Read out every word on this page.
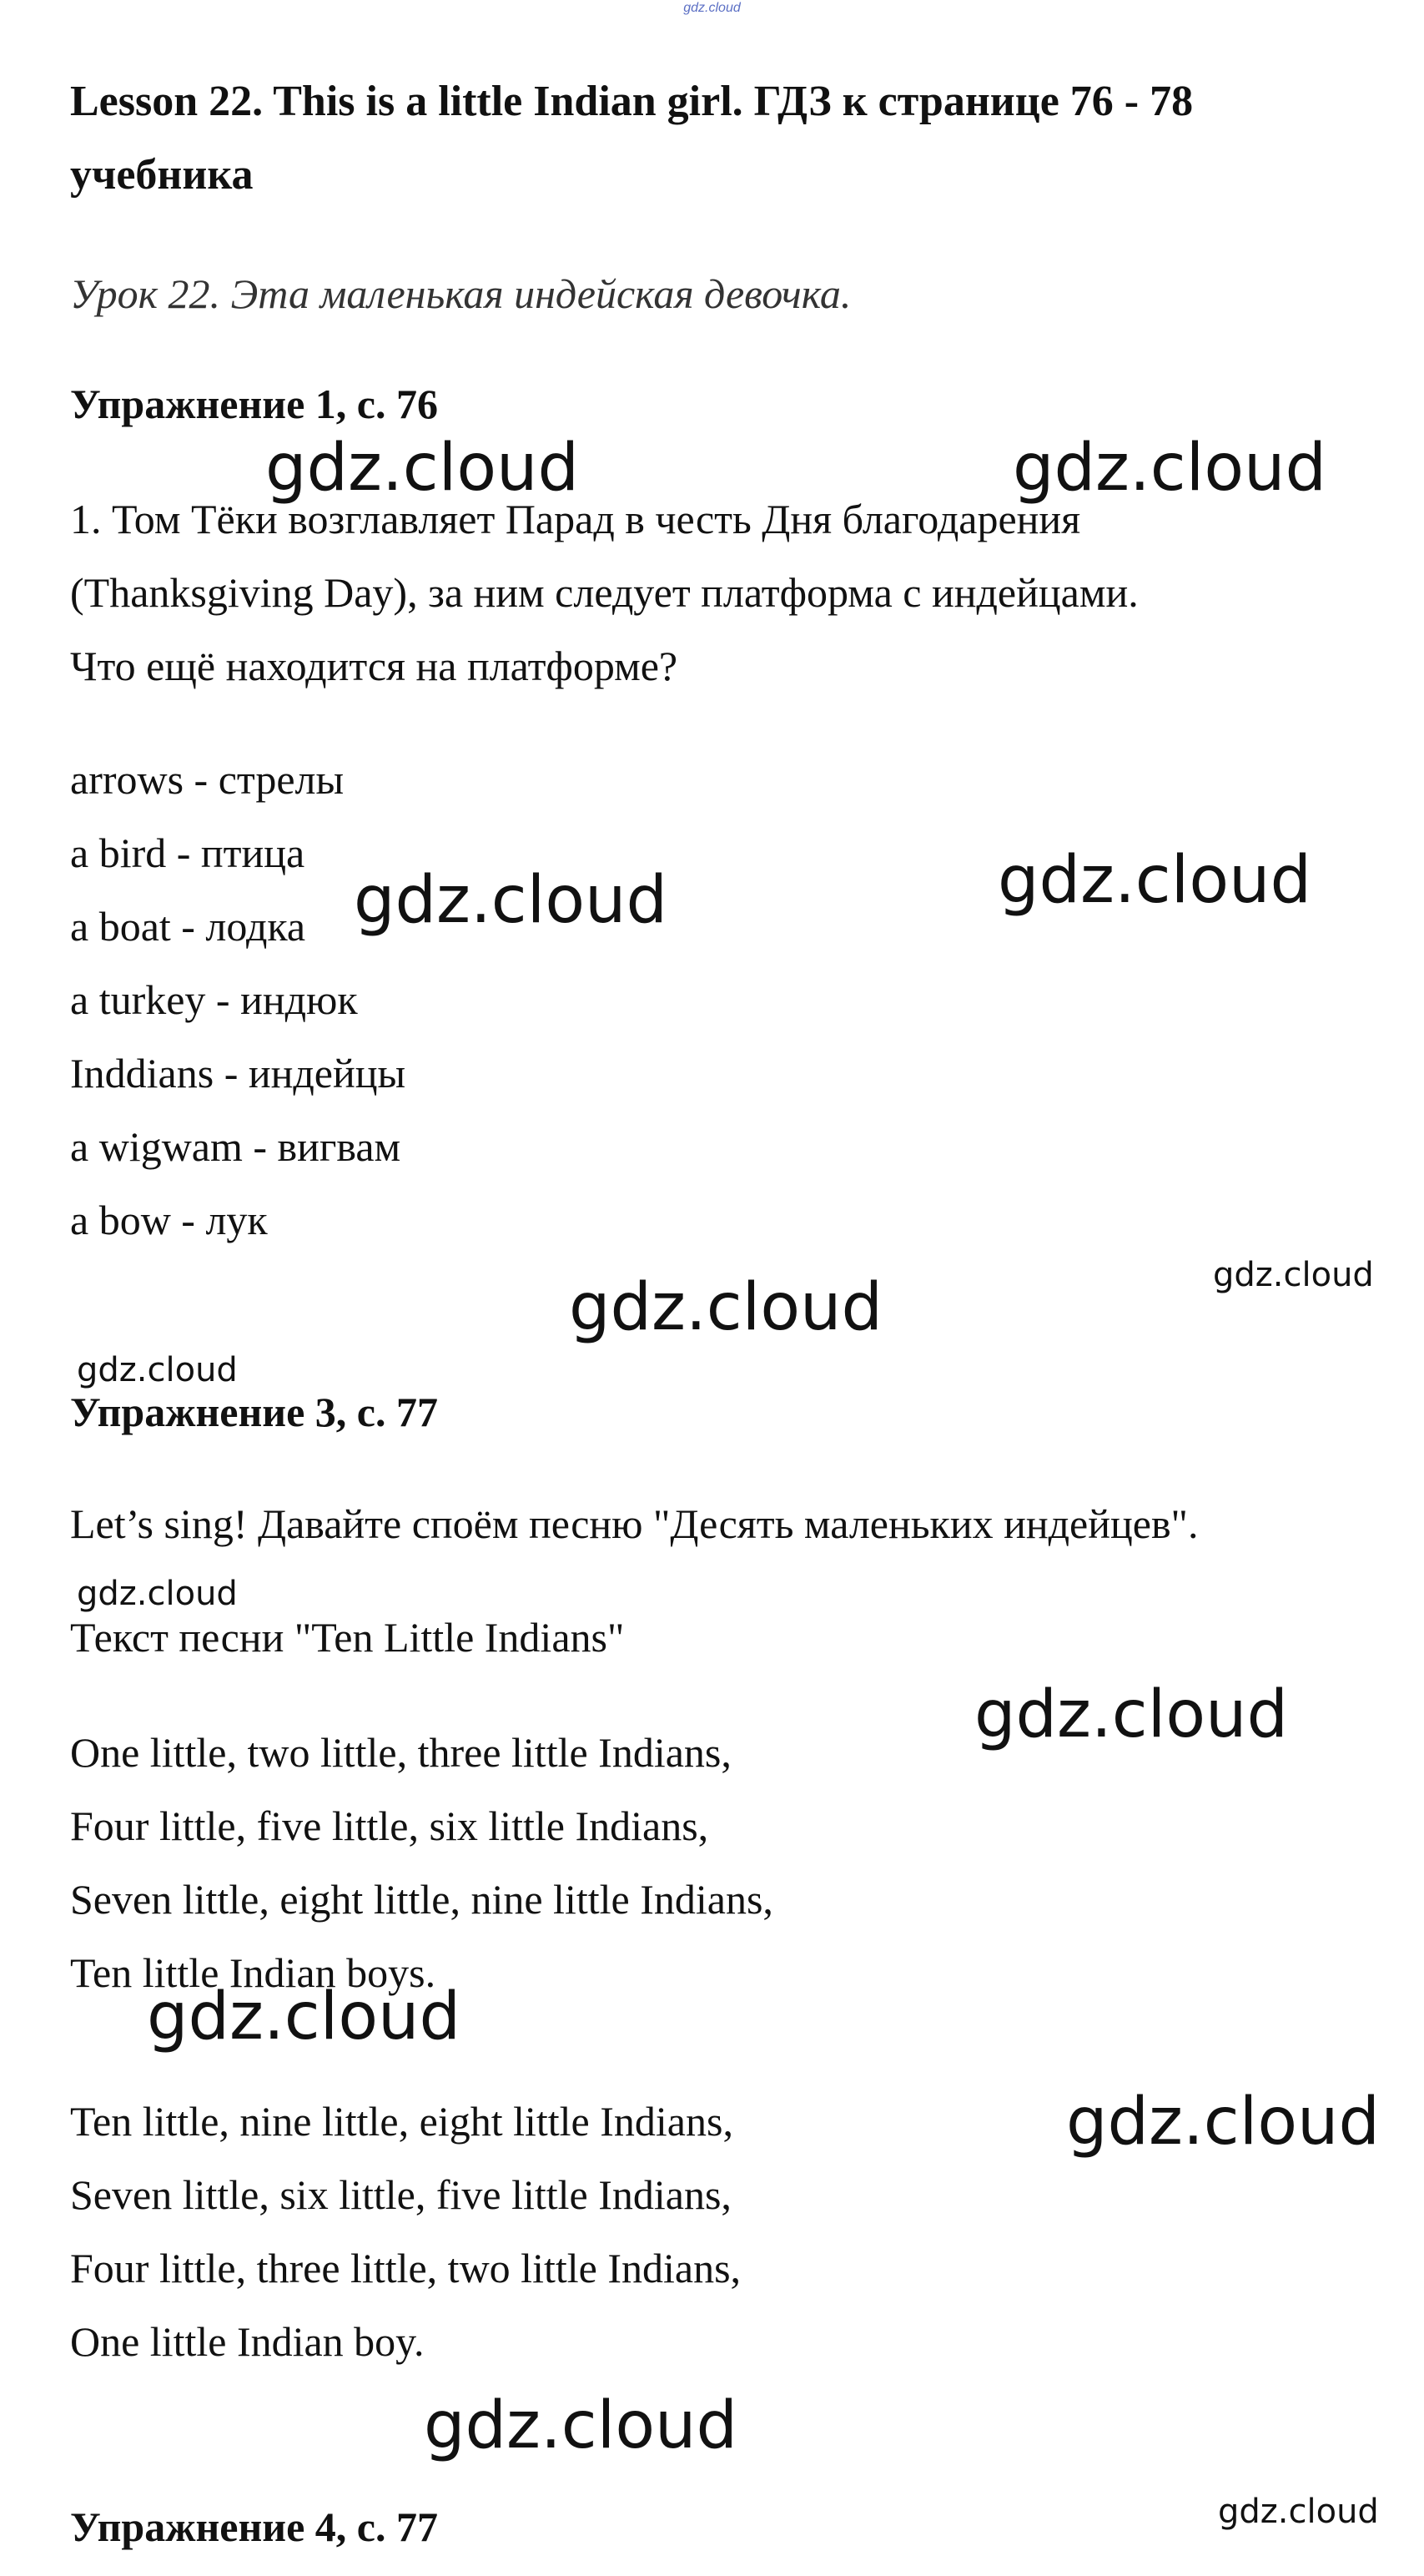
gdz.cloud
Lesson 22. This is a little Indian girl. ГДЗ к странице 76 - 78
учебника
Урок 22. Эта маленькая индейская девочка.
Упражнение 1, с. 76
1. Том Тёки возглавляет Парад в честь Дня благодарения
(Thanksgiving Day), за ним следует платформа с индейцами.
Что ещё находится на платформе?
arrows - стрелы
a bird - птица
a boat - лодка
a turkey - индюк
Inddians - индейцы
a wigwam - вигвам
a bow - лук
Упражнение 3, с. 77
Let’s sing! Давайте споём песню "Десять маленьких индейцев".
Текст песни "Ten Little Indians"
One little, two little, three little Indians,
Four little, five little, six little Indians,
Seven little, eight little, nine little Indians,
Ten little Indian boys.
Ten little, nine little, eight little Indians,
Seven little, six little, five little Indians,
Four little, three little, two little Indians,
One little Indian boy.
Упражнение 4, с. 77
gdz.cloud	gdz.cloud
gdz.cloud	gdz.cloud
gdz.cloud	gdz.cloud
gdz.cloud
gdz.cloud
gdz.cloud
gdz.cloud
gdz.cloud
gdz.cloud
gdz.cloud
